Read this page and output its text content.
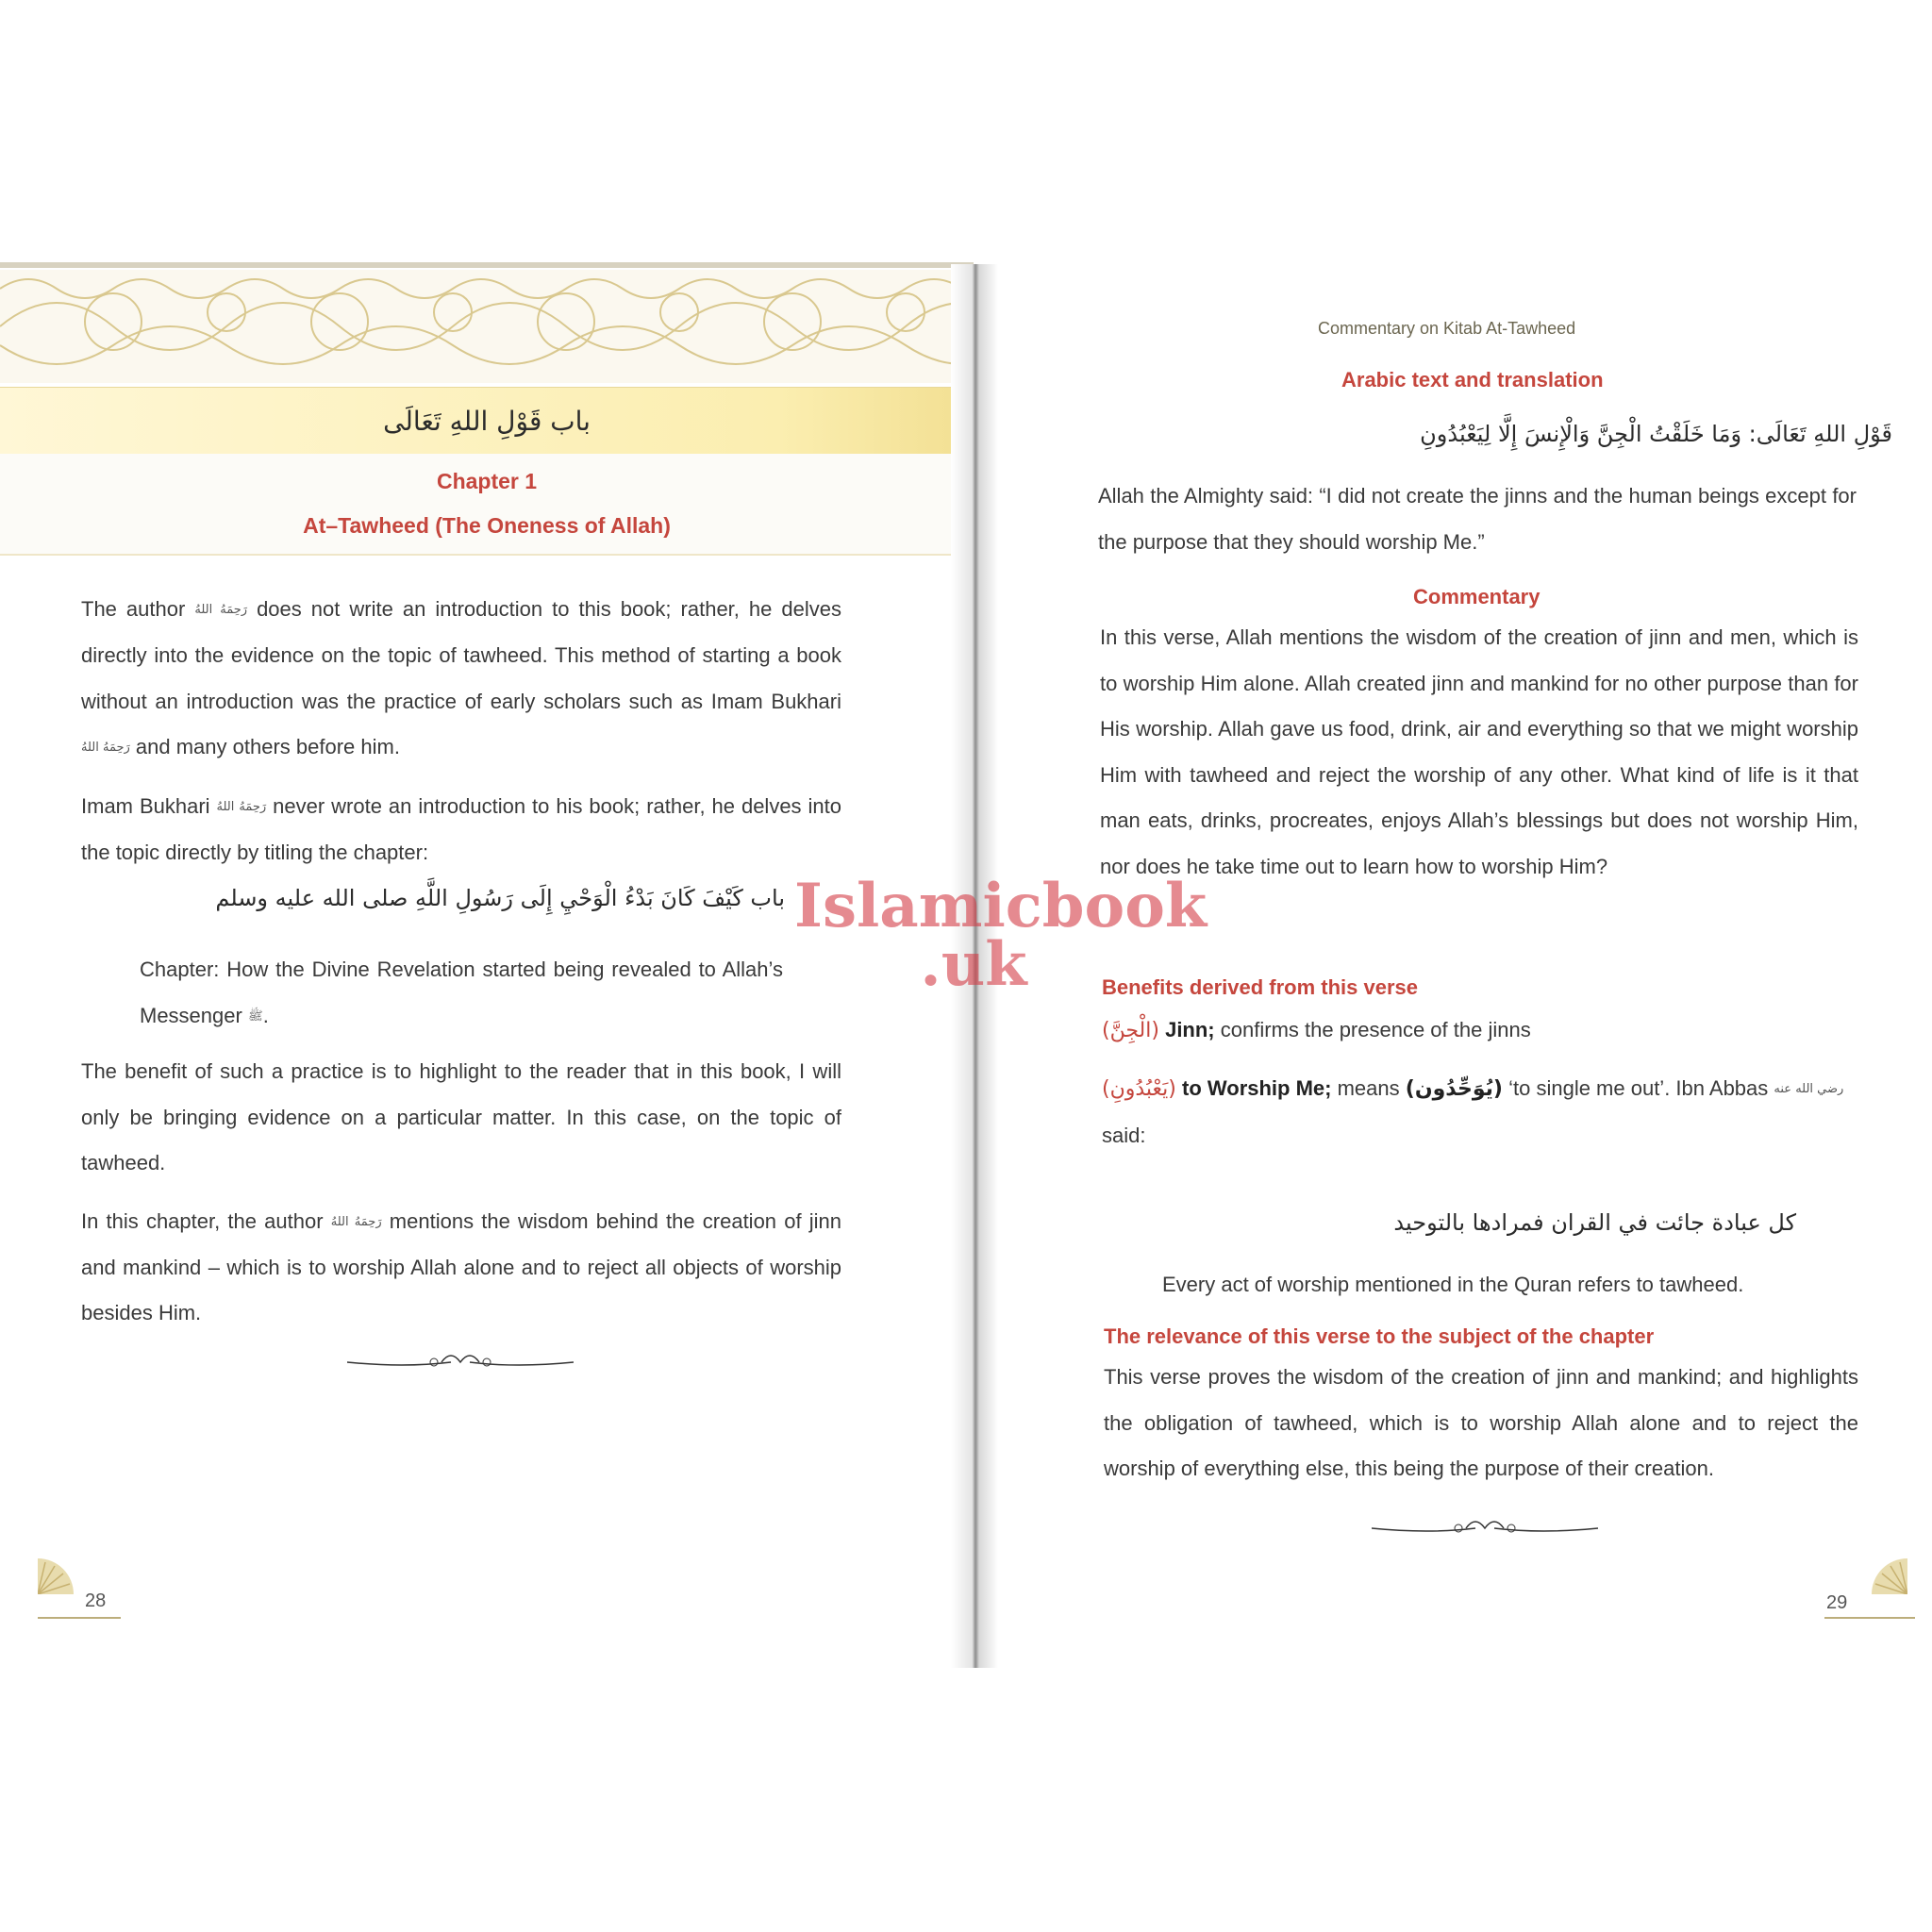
باب قَوْلِ اللهِ تَعَالَى
Chapter 1
At–Tawheed (The Oneness of Allah)

The author رَحِمَهُ اللهُ does not write an introduction to this book; rather, he delves directly into the evidence on the topic of tawheed. This method of starting a book without an introduction was the practice of early scholars such as Imam Bukhari رَحِمَهُ اللهُ and many others before him.

Imam Bukhari رَحِمَهُ اللهُ never wrote an introduction to his book; rather, he delves into the topic directly by titling the chapter:

باب كَيْفَ كَانَ بَدْءُ الْوَحْيِ إِلَى رَسُولِ اللَّهِ صلى الله عليه وسلم
Chapter: How the Divine Revelation started being revealed to Allah’s Messenger ﷺ.

The benefit of such a practice is to highlight to the reader that in this book, I will only be bringing evidence on a particular matter. In this case, on the topic of tawheed.

In this chapter, the author رَحِمَهُ اللهُ mentions the wisdom behind the creation of jinn and mankind – which is to worship Allah alone and to reject all objects of worship besides Him.

28
Commentary on Kitab At-Tawheed
Arabic text and translation
قَوْلِ اللهِ تَعَالَى: وَمَا خَلَقْتُ الْجِنَّ وَالْإِنسَ إِلَّا لِيَعْبُدُونِ

Allah the Almighty said: “I did not create the jinns and the human beings except for the purpose that they should worship Me.”

Commentary

In this verse, Allah mentions the wisdom of the creation of jinn and men, which is to worship Him alone. Allah created jinn and mankind for no other purpose than for His worship. Allah gave us food, drink, air and everything so that we might worship Him with tawheed and reject the worship of any other. What kind of life is it that man eats, drinks, procreates, enjoys Allah’s blessings but does not worship Him, nor does he take time out to learn how to worship Him?

Benefits derived from this verse
(الْجِنَّ) Jinn; confirms the presence of the jinns
(يَعْبُدُونِ) to Worship Me; means (يُوَحِّدُون) ‘to single me out’. Ibn Abbas رضي الله عنه
said:
كل عبادة جائت في القران فمرادها بالتوحيد
Every act of worship mentioned in the Quran refers to tawheed.
The relevance of this verse to the subject of the chapter

This verse proves the wisdom of the creation of jinn and mankind; and highlights the obligation of tawheed, which is to worship Allah alone and to reject the worship of everything else, this being the purpose of their creation.

29
Islamicbook
.uk
